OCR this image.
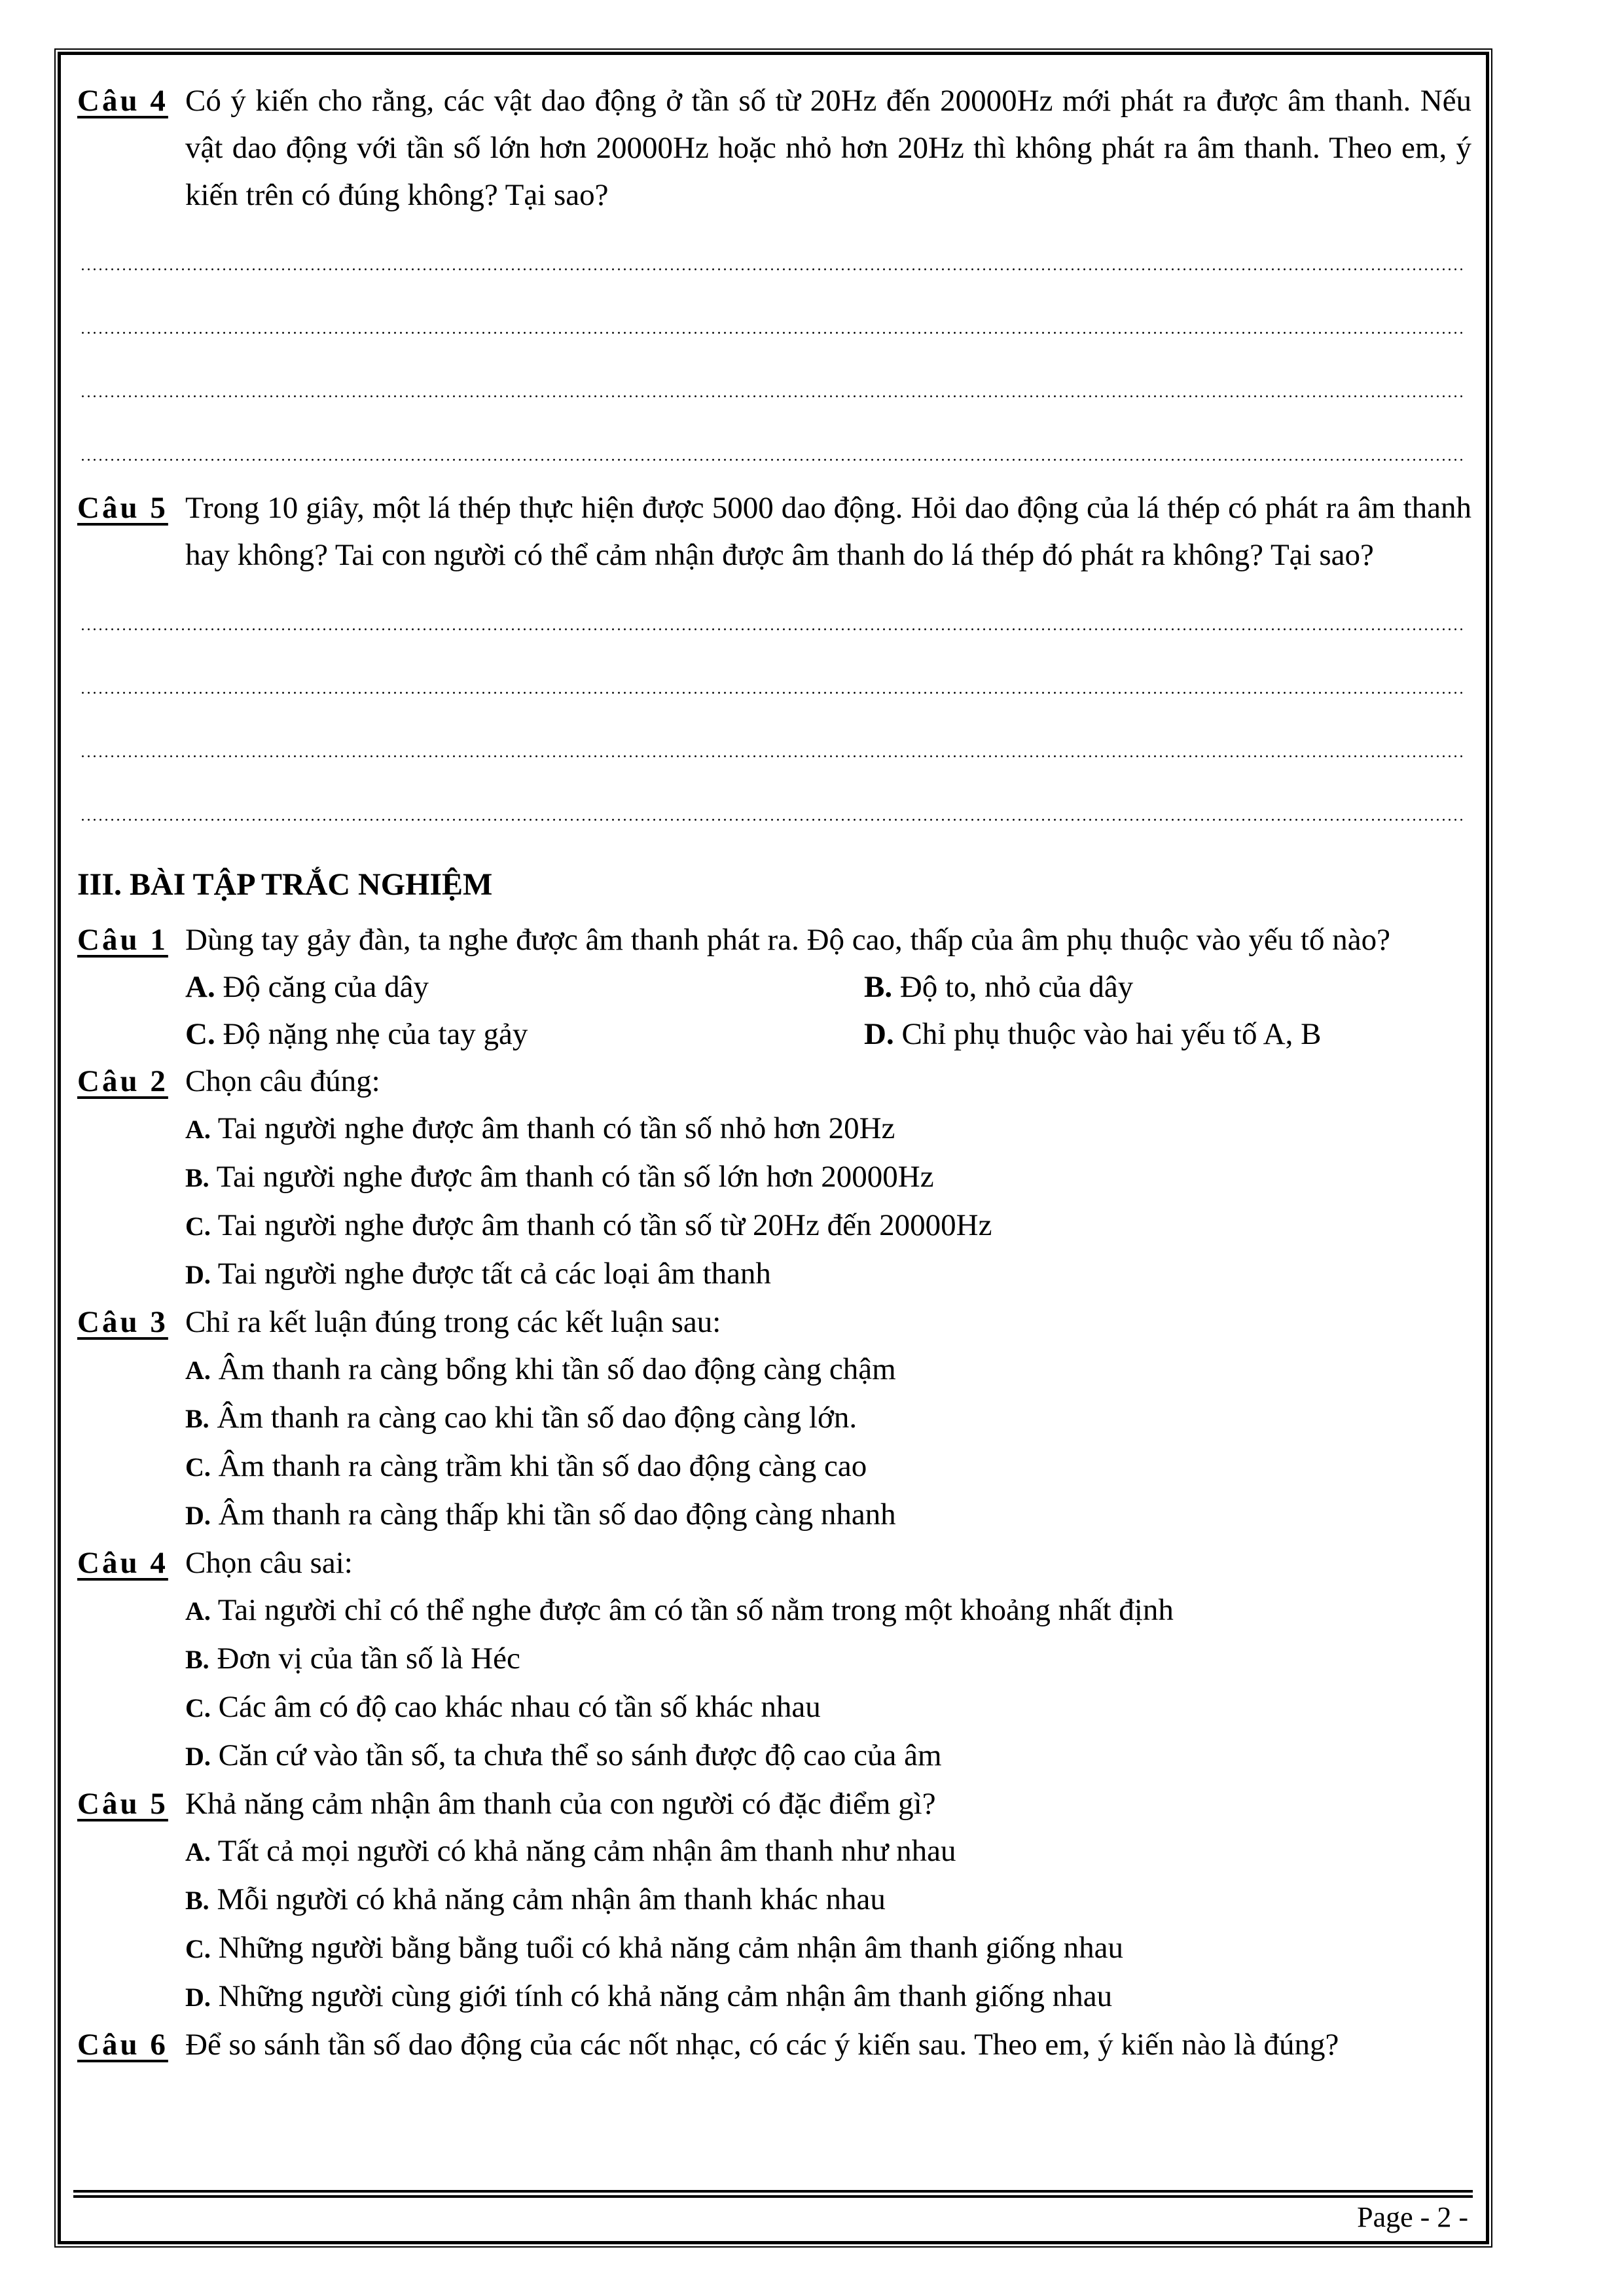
Câu 4 Có ý kiến cho rằng, các vật dao động ở tần số từ 20Hz đến 20000Hz mới phát ra được âm thanh. Nếu vật dao động với tần số lớn hơn 20000Hz hoặc nhỏ hơn 20Hz thì không phát ra âm thanh. Theo em, ý kiến trên có đúng không? Tại sao?
Câu 5 Trong 10 giây, một lá thép thực hiện được 5000 dao động. Hỏi dao động của lá thép có phát ra âm thanh hay không? Tai con người có thể cảm nhận được âm thanh do lá thép đó phát ra không? Tại sao?
III. BÀI TẬP TRẮC NGHIỆM
Câu 1 Dùng tay gảy đàn, ta nghe được âm thanh phát ra. Độ cao, thấp của âm phụ thuộc vào yếu tố nào?
A. Độ căng của dây	B. Độ to, nhỏ của dây
C. Độ nặng nhẹ của tay gảy	D. Chỉ phụ thuộc vào hai yếu tố A, B
Câu 2 Chọn câu đúng:
A. Tai người nghe được âm thanh có tần số nhỏ hơn 20Hz
B. Tai người nghe được âm thanh có tần số lớn hơn 20000Hz
C. Tai người nghe được âm thanh có tần số từ 20Hz đến 20000Hz
D. Tai người nghe được tất cả các loại âm thanh
Câu 3 Chỉ ra kết luận đúng trong các kết luận sau:
A. Âm thanh ra càng bổng khi tần số dao động càng chậm
B. Âm thanh ra càng cao khi tần số dao động càng lớn.
C. Âm thanh ra càng trầm khi tần số dao động càng cao
D. Âm thanh ra càng thấp khi tần số dao động càng nhanh
Câu 4 Chọn câu sai:
A. Tai người chỉ có thể nghe được âm có tần số nằm trong một khoảng nhất định
B. Đơn vị của tần số là Héc
C. Các âm có độ cao khác nhau có tần số khác nhau
D. Căn cứ vào tần số, ta chưa thể so sánh được độ cao của âm
Câu 5 Khả năng cảm nhận âm thanh của con người có đặc điểm gì?
A. Tất cả mọi người có khả năng cảm nhận âm thanh như nhau
B. Mỗi người có khả năng cảm nhận âm thanh khác nhau
C. Những người bằng bằng tuổi có khả năng cảm nhận âm thanh giống nhau
D. Những người cùng giới tính có khả năng cảm nhận âm thanh giống nhau
Câu 6 Để so sánh tần số dao động của các nốt nhạc, có các ý kiến sau. Theo em, ý kiến nào là đúng?
Page - 2 -
